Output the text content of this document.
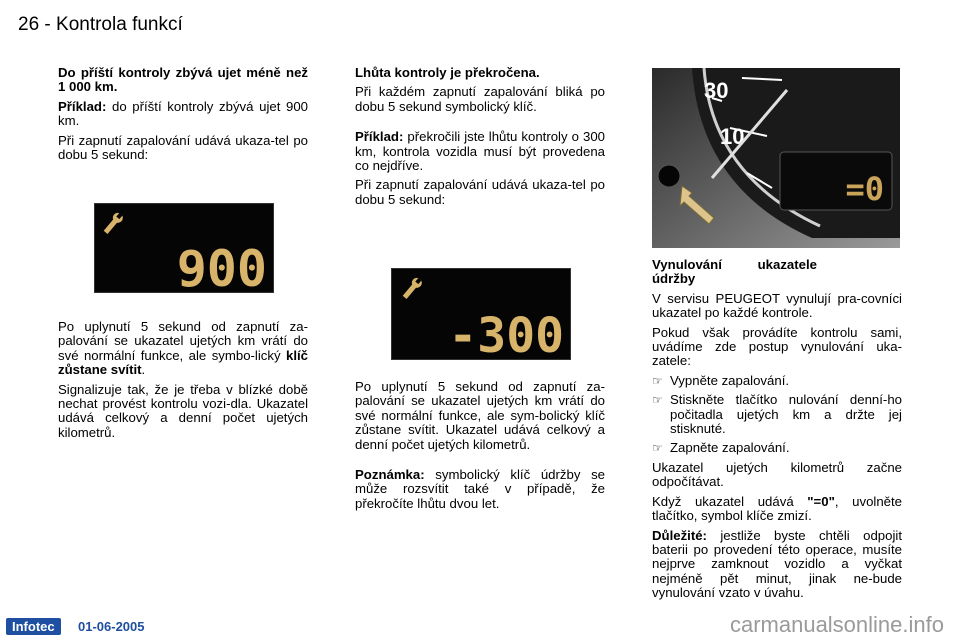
26 - Kontrola funkcí

Do příští kontroly zbývá ujet méně než 1 000 km.

Příklad: do příští kontroly zbývá ujet 900 km.

Při zapnutí zapalování udává ukaza-tel po dobu 5 sekund:

900

Po uplynutí 5 sekund od zapnutí za-palování se ukazatel ujetých km vrátí do své normální funkce, ale symbo-lický klíč zůstane svítit.

Signalizuje tak, že je třeba v blízké době nechat provést kontrolu vozi-dla. Ukazatel udává celkový a denní počet ujetých kilometrů.

Lhůta kontroly je překročena.

Při každém zapnutí zapalování bliká po dobu 5 sekund symbolický klíč.

Příklad: překročili jste lhůtu kontroly o 300 km, kontrola vozidla musí být provedena co nejdříve.

Při zapnutí zapalování udává ukaza-tel po dobu 5 sekund:

-300

Po uplynutí 5 sekund od zapnutí za-palování se ukazatel ujetých km vrátí do své normální funkce, ale sym-bolický klíč zůstane svítit. Ukazatel udává celkový a denní počet ujetých kilometrů.

Poznámka: symbolický klíč údržby se může rozsvítit také v případě, že překročíte lhůtu dvou let.

30
10
=0

Vynulování ukazatele údržby

V servisu PEUGEOT vynulují pra-covníci ukazatel po každé kontrole.

Pokud však provádíte kontrolu sami, uvádíme zde postup vynulování uka-zatele:

☞ Vypněte zapalování.
☞ Stiskněte tlačítko nulování denní-ho počitadla ujetých km a držte jej stisknuté.
☞ Zapněte zapalování.

Ukazatel ujetých kilometrů začne odpočítávat.

Když ukazatel udává "=0", uvolněte tlačítko, symbol klíče zmizí.

Důležité: jestliže byste chtěli odpojit baterii po provedení této operace, musíte nejprve zamknout vozidlo a vyčkat nejméně pět minut, jinak ne-bude vynulování vzato v úvahu.

Infotec	01-06-2005	carmanualsonline.info
